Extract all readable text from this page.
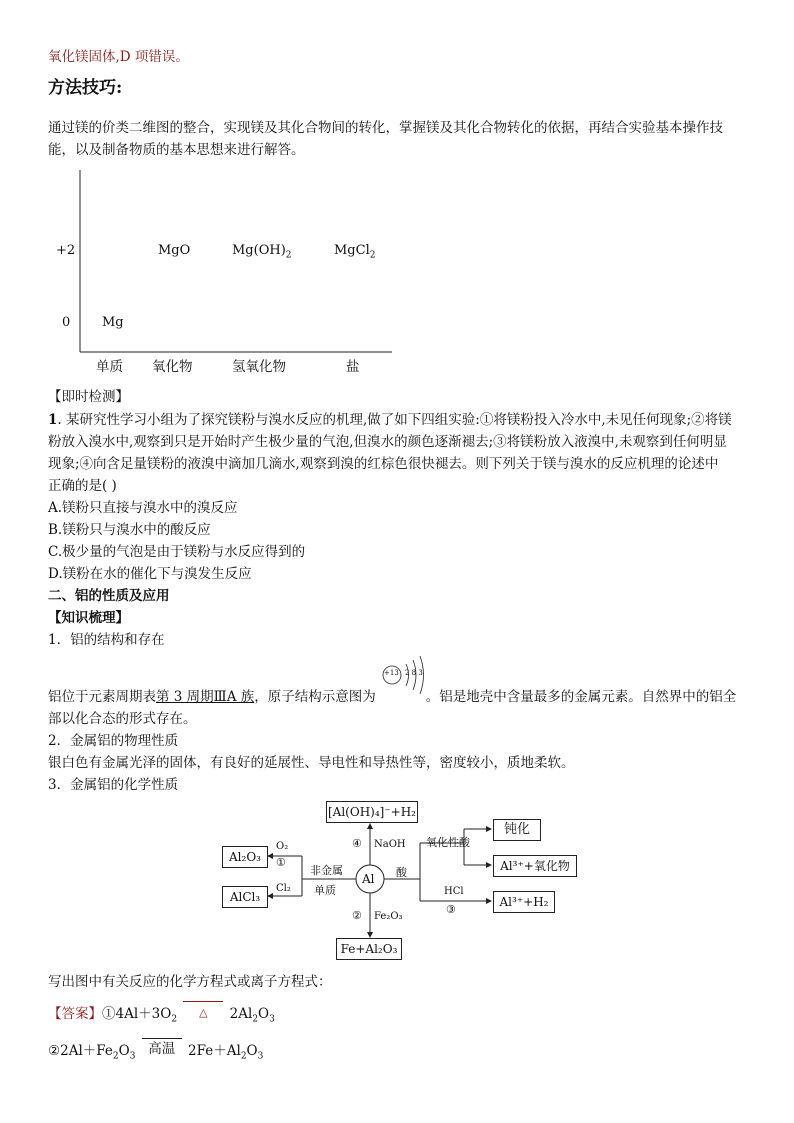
氧化镁固体,D 项错误。
方法技巧:
通过镁的价类二维图的整合，实现镁及其化合物间的转化，掌握镁及其化合物转化的依据，再结合实验基本操作技
能，以及制备物质的基本思想来进行解答。
+2
0
MgO	$Mg(OH)_2$	MgCl$_2$
Mg
单质 氧化物	氢氧化物	盐
【即时检测】
1. 某研究性学习小组为了探究镁粉与溴水反应的机理,做了如下四组实验:①将镁粉投入冷水中,未见任何现象;②将镁
粉放入溴水中,观察到只是开始时产生极少量的气泡,但溴水的颜色逐渐褪去;③将镁粉放入液溴中,未观察到任何明显
现象;④向含足量镁粉的液溴中滴加几滴水,观察到溴的红棕色很快褪去。则下列关于镁与溴水的反应机理的论述中
正确的是( )
A.镁粉只直接与溴水中的溴反应
B.镁粉只与溴水中的酸反应
C.极少量的气泡是由于镁粉与水反应得到的
D.镁粉在水的催化下与溴发生反应
二、铝的性质及应用
【知识梳理】
1．铝的结构和存在
+13 2 8 3
铝位于元素周期表第 3 周期ⅢA 族，原子结构示意图为	。铝是地壳中含量最多的金属元素。自然界中的铝全
部以化合态的形式存在。
2．金属铝的物理性质
银白色有金属光泽的固体，有良好的延展性、导电性和导热性等，密度较小，质地柔软。
3．金属铝的化学性质
Al
[Al(OH)₄]⁻+H₂
④ NaOH
Al₂O₃
O₂
①
AlCl₃
Cl₂
非金属
单质
酸
氧化性酸
钝化
Al³⁺+氧化物
HCl
③
Al³⁺+H₂
② Fe₂O₃
Fe+Al₂O₃
写出图中有关反应的化学方程式或离子方程式：
【答案】$①4Al+3O_2$ △ $2Al_2O_3$
$②2Al+Fe_2O_3$ 高温 $2Fe+Al_2O_3$
